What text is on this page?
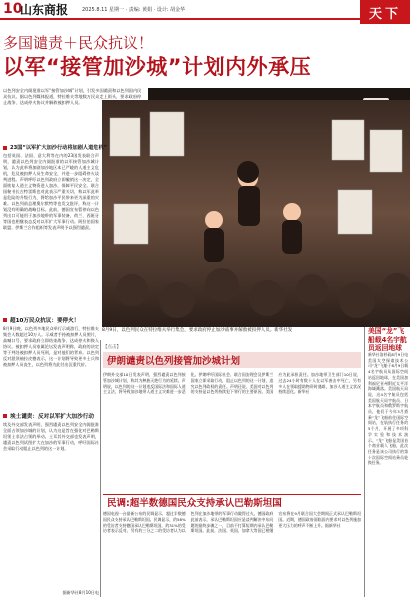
10
山东商报	2025.8.11 星期一 · 责编: 黄娟 · 设计: 胡金华	天下
多国谴责＋民众抗议！
以军“接管加沙城”计划内外承压
以色列安全内阁批准以军“接管加沙城”计划，引发多国谴责和以色列国内民众抗议。据以色列媒体报道，特拉维夫等地数万民众走上街头，要求政府停止战争、达成停火协议并解救被扣押人员。
8月9日，以色列民众在特拉维夫举行集会，要求政府停止加沙战事并解救被扣押人员。新华社发
23国“以军扩大加沙行动将加剧人道危机”
包括英国、法国、意大利等在内的23国发表联合声明，谴责以色列安全内阁批准的以军接管加沙城计划，认为此举将加剧加沙地区本已严峻的人道主义危机，危及被扣押人员生命安全，并进一步阻碍停火谈判进程。声明呼吁以色列政府立即撤销这一决定，全面恢复人道主义物资进入加沙，保障平民安全。联合国秘书长古特雷斯也对此表示严重关切，称以军此举是危险的升级行为，将给加沙平民带来更为深重的灾难。以色列前总理奥尔默特等也发文批评，称这一计划没有明确的战略目标。此前，德国宣布暂停向以色列出口可能用于加沙地带的军事装备，荷兰、西班牙等国也相继表态反对以军扩大军事行动。阿拉伯国家联盟、伊斯兰合作组织等发表声明予以强烈谴责。
超10万民众抗议：要停火！
8月9日晚，以色列多地民众举行示威游行，特拉维夫集会人数超过10万人。示威者手持被扣押人员照片，高喊口号，要求政府立即结束战争、达成停火和换人协议。被扣押人员家属论坛发表声明称，政府的决定等于判处被扣押人员死刑，是对他们的背弃。以色列反对派领袖拉皮德表示，这一计划将导致更多士兵和被扣押人员丧生，以色列将为此付出沉重代价。
埃土谴责：反对以军扩大加沙行动
埃及外交部发表声明，强烈谴责以色列安全内阁批准全面占领加沙城的计划，认为这是旨在强化对巴勒斯坦领土非法占领的举动。土耳其外交部也发表声明，谴责以色列试图扩大在加沙的军事行动，呼吁国际社会采取行动阻止以色列的这一计划。
据新华社8月10日电
【点击】
伊朗谴责以色列接管加沙城计划
伊朗外交部10日发表声明，强烈谴责以色列接管加沙城计划，称其为种族灭绝行为的延续。声明说，以色列的这一计划违反国际法和国际人道主义法，将导致加沙地带人道主义灾难进一步恶化。伊朗呼吁国际社会、联合国安理会及伊斯兰国家立即采取行动，阻止以色列的这一计划，追究以色列政权的责任。声明还说，美国对以色列的支持是以色列持续犯下罪行的主要原因，美国应为此承担责任。加沙地带卫生部门10日说，过去24小时有数十人在以军袭击中死亡，另有多人在领取援助物资时遇难，加沙人道主义状况持续恶化。新华社
民调:超半数德国民众支持承认巴勒斯坦国
德国电视一台最新公布的民调显示，超过半数德国民众支持承认巴勒斯坦国。民调显示，约58%的受访者支持德国承认巴勒斯坦国，约31%的受访者表示反对。另有约三分之二的受访者认为以色列在加沙地带的军事行动做得过火。德国政府此前表示，承认巴勒斯坦国应是谈判解决中东问题的最终步骤之一，目前不打算短期内承认巴勒斯坦国。此前，法国、英国、加拿大等国已相继宣布将在9月联合国大会期间正式承认巴勒斯坦国。近期，德国政府面临国内要求对以色列施加更大压力的呼声不断上升。据新华社
美国“龙”飞船载4名宇航员返回地球
新华社洛杉矶8月9日电 美国太空探索技术公司“龙”飞船于8月9日载4名宇航员从国际空间站返回地球，在美国加利福尼亚州附近太平洋海域溅落。美国航天局说，这4名宇航员包括美国航天局宇航员、日本宇航员和俄罗斯宇航员，他们于今年3月搭乘“龙”飞船前往国际空间站，在轨执行任务约5个月，开展了多项科学实验和技术演示。“龙”飞船是美国首个商业载人飞船，此次任务是该公司执行的第十次国际空间站乘员轮换任务。
